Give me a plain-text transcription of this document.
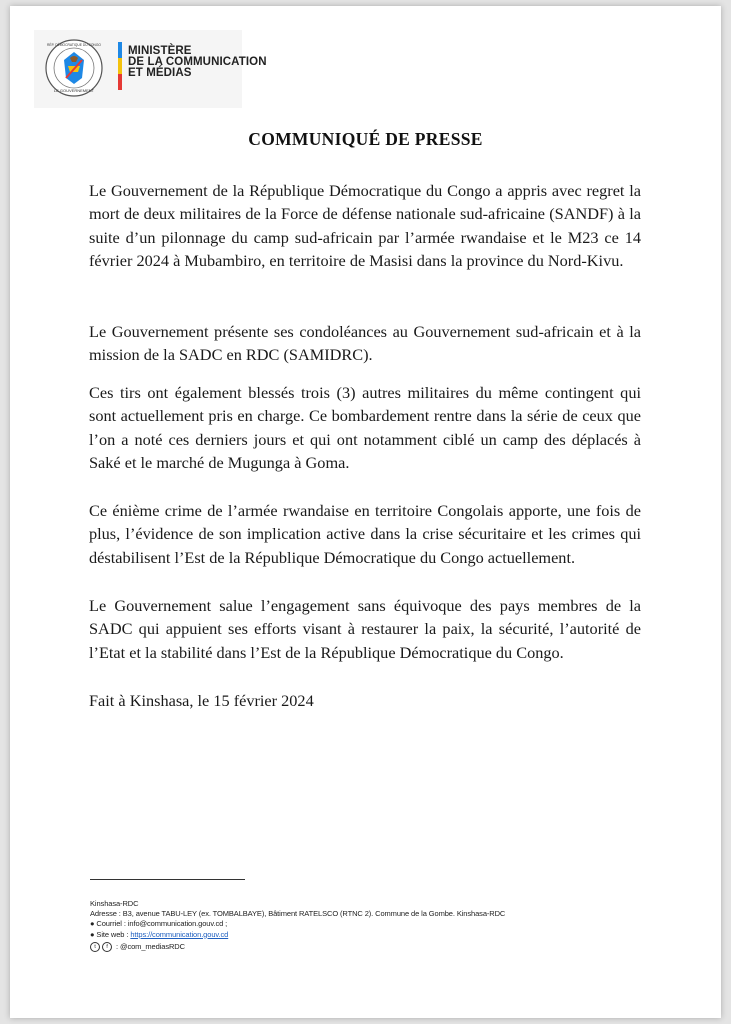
LE GOUVERNEMENT
RÉP. DÉMOCRATIQUE DU CONGO MINISTÈRE
DE LA COMMUNICATION
ET MÉDIAS
COMMUNIQUÉ DE PRESSE
Le Gouvernement de la République Démocratique du Congo a appris avec regret la mort de deux militaires de la Force de défense nationale sud-africaine (SANDF) à la suite d’un pilonnage du camp sud-africain par l’armée rwandaise et le M23 ce 14 février 2024 à Mubambiro, en territoire de Masisi dans la province du Nord-Kivu.
Le Gouvernement présente ses condoléances au Gouvernement sud-africain et à la mission de la SADC en RDC (SAMIDRC).
Ces tirs ont également blessés trois (3) autres militaires du même contingent qui sont actuellement pris en charge. Ce bombardement rentre dans la série de ceux que l’on a noté ces derniers jours et qui ont notamment ciblé un camp des déplacés à Saké et le marché de Mugunga à Goma.
Ce énième crime de l’armée rwandaise en territoire Congolais apporte, une fois de plus, l’évidence de son implication active dans la crise sécuritaire et les crimes qui déstabilisent l’Est de la République Démocratique du Congo actuellement.
Le Gouvernement salue l’engagement sans équivoque des pays membres de la SADC qui appuient ses efforts visant à restaurer la paix, la sécurité, l’autorité de l’Etat et la stabilité dans l’Est de la République Démocratique du Congo.
Fait à Kinshasa, le 15 février 2024
Kinshasa-RDC
Adresse : B3, avenue TABU-LEY (ex. TOMBALBAYE), Bâtiment RATELSCO (RTNC 2). Commune de la Gombe. Kinshasa-RDC
● Courriel : info@communication.gouv.cd ;
● Site web : https://communication.gouv.cd
t f : @com_mediasRDC
